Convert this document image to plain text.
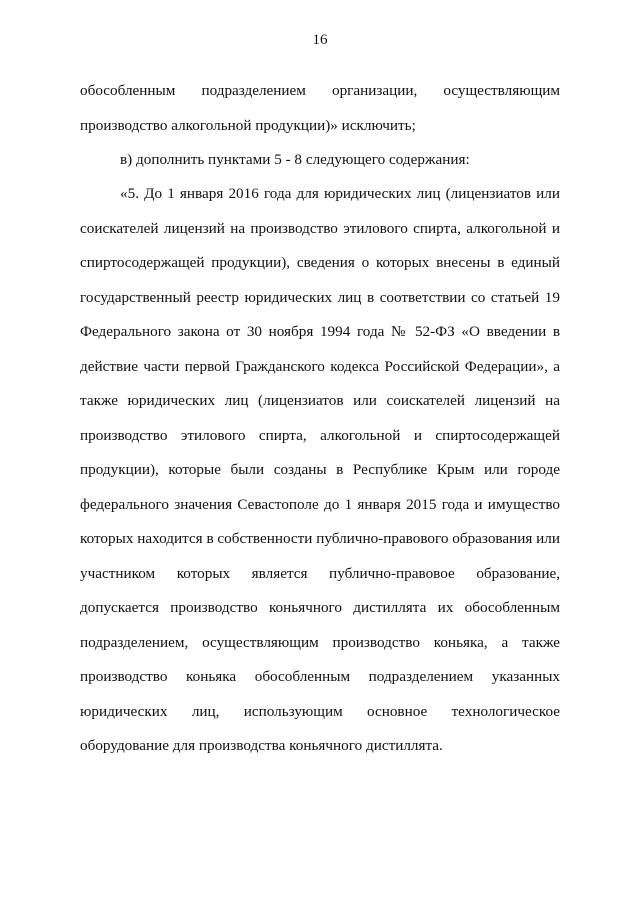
16

обособленным подразделением организации, осуществляющим производство алкогольной продукции)» исключить;

в) дополнить пунктами 5 - 8 следующего содержания:

«5. До 1 января 2016 года для юридических лиц (лицензиатов или соискателей лицензий на производство этилового спирта, алкогольной и спиртосодержащей продукции), сведения о которых внесены в единый государственный реестр юридических лиц в соответствии со статьей 19 Федерального закона от 30 ноября 1994 года № 52-ФЗ «О введении в действие части первой Гражданского кодекса Российской Федерации», а также юридических лиц (лицензиатов или соискателей лицензий на производство этилового спирта, алкогольной и спиртосодержащей продукции), которые были созданы в Республике Крым или городе федерального значения Севастополе до 1 января 2015 года и имущество которых находится в собственности публично-правового образования или участником которых является публично-правовое образование, допускается производство коньячного дистиллята их обособленным подразделением, осуществляющим производство коньяка, а также производство коньяка обособленным подразделением указанных юридических лиц, использующим основное технологическое оборудование для производства коньячного дистиллята.
